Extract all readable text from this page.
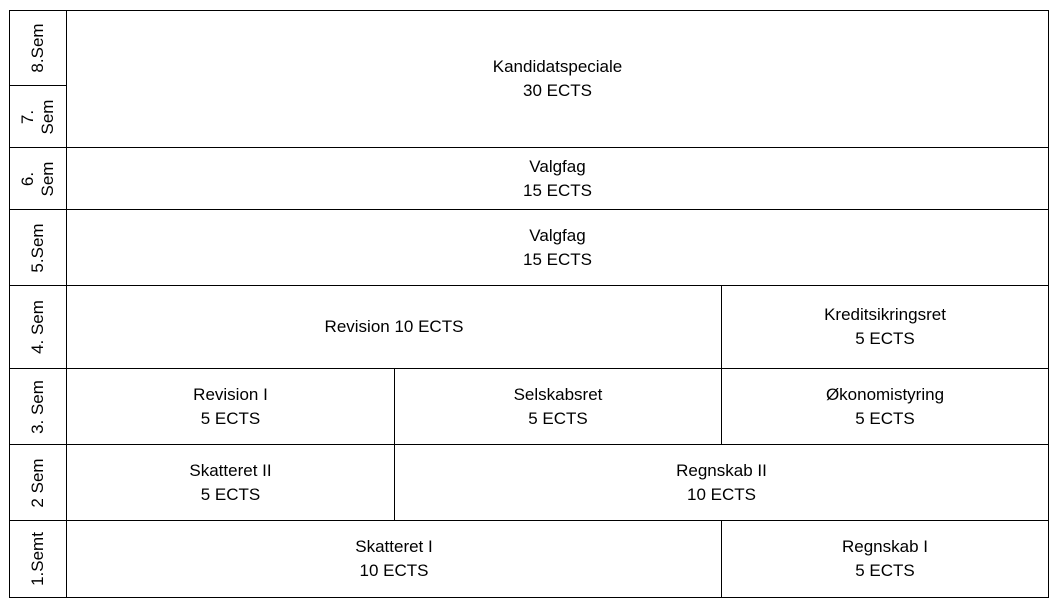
8.Sem
7.
Sem
6.
Sem
5.Sem
4. Sem
3. Sem
2 Sem
1.Semt
Kandidatspeciale
30 ECTS
Valgfag
15 ECTS
Valgfag
15 ECTS
Revision 10 ECTS
Kreditsikringsret
5 ECTS
Revision I
5 ECTS
Selskabsret
5 ECTS
Økonomistyring
5 ECTS
Skatteret II
5 ECTS
Regnskab II
10 ECTS
Skatteret I
10 ECTS
Regnskab I
5 ECTS
